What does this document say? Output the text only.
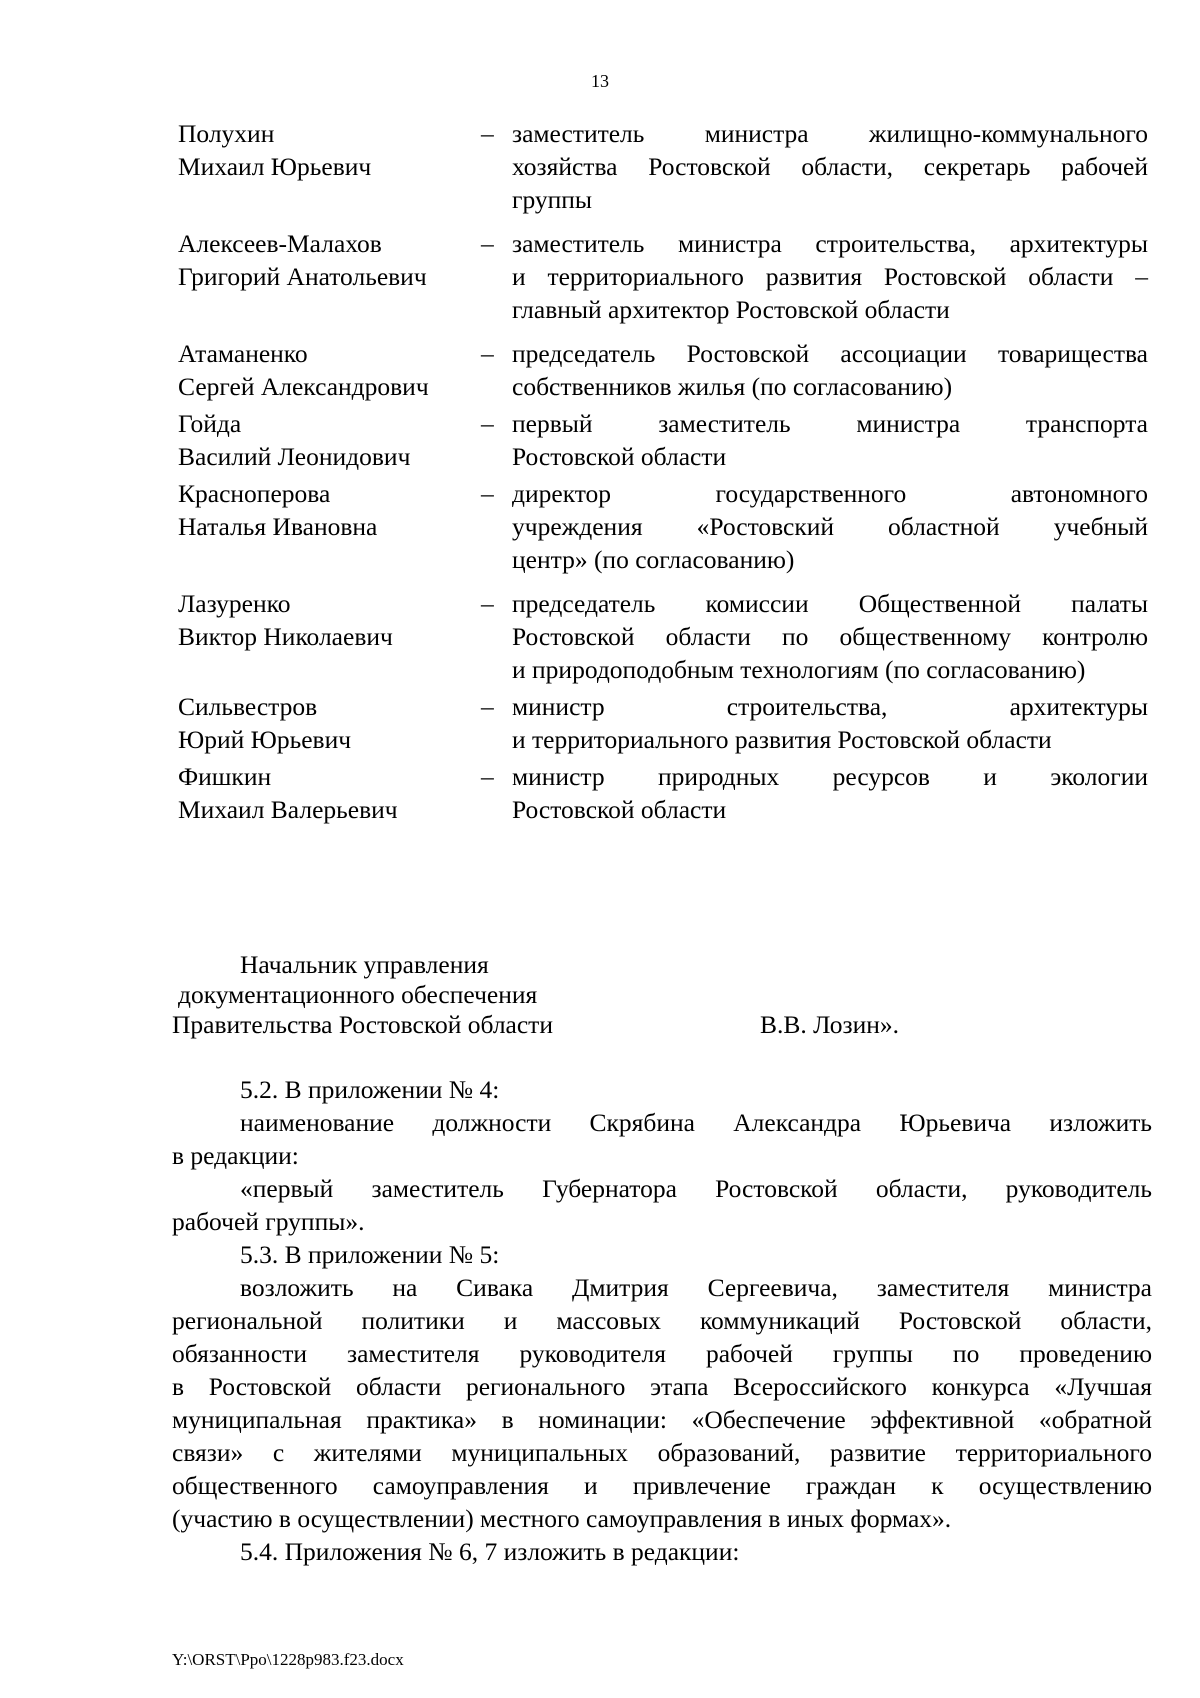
13
Полухин
Михаил Юрьевич
– заместитель министра жилищно-коммунального
хозяйства Ростовской области, секретарь рабочей
группы
Алексеев-Малахов
Григорий Анатольевич
– заместитель министра строительства, архитектуры
и территориального развития Ростовской области –
главный архитектор Ростовской области
Атаманенко
Сергей Александрович
– председатель Ростовской ассоциации товарищества
собственников жилья (по согласованию)
Гойда
Василий Леонидович
– первый заместитель министра транспорта
Ростовской области
Красноперова
Наталья Ивановна
– директор государственного автономного
учреждения «Ростовский областной учебный
центр» (по согласованию)
Лазуренко
Виктор Николаевич
– председатель комиссии Общественной палаты
Ростовской области по общественному контролю
и природоподобным технологиям (по согласованию)
Сильвестров
Юрий Юрьевич
– министр строительства, архитектуры
и территориального развития Ростовской области
Фишкин
Михаил Валерьевич
– министр природных ресурсов и экологии
Ростовской области
Начальник управления
документационного обеспечения
Правительства Ростовской области	В.В. Лозин».

5.2. В приложении № 4:

наименование должности Скрябина Александра Юрьевича изложить
в редакции:

«первый заместитель Губернатора Ростовской области, руководитель
рабочей группы».

5.3. В приложении № 5:

возложить на Сивака Дмитрия Сергеевича, заместителя министра
региональной политики и массовых коммуникаций Ростовской области,
обязанности заместителя руководителя рабочей группы по проведению
в Ростовской области регионального этапа Всероссийского конкурса «Лучшая
муниципальная практика» в номинации: «Обеспечение эффективной «обратной
связи» с жителями муниципальных образований, развитие территориального
общественного самоуправления и привлечение граждан к осуществлению
(участию в осуществлении) местного самоуправления в иных формах».

5.4. Приложения № 6, 7 изложить в редакции:

Y:\ORST\Ppo\1228p983.f23.docx
